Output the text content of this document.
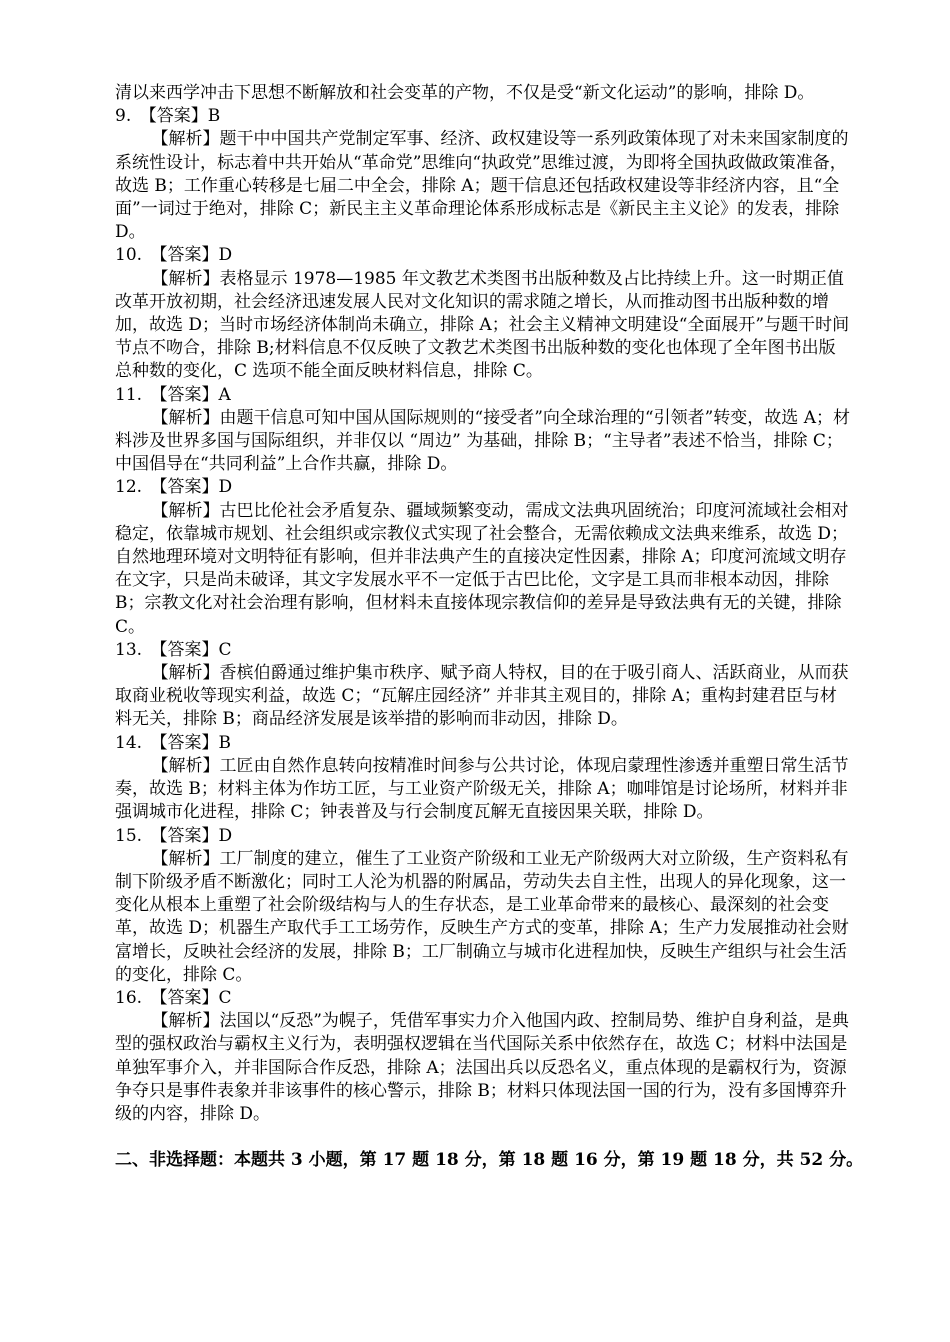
清以来西学冲击下思想不断解放和社会变革的产物，不仅是受“新文化运动”的影响，排除 D。

9. 【答案】B

【解析】题干中中国共产党制定军事、经济、政权建设等一系列政策体现了对未来国家制度的系统性设计，标志着中共开始从“革命党”思维向“执政党”思维过渡，为即将全国执政做政策准备，故选 B；工作重心转移是七届二中全会，排除 A；题干信息还包括政权建设等非经济内容，且“全面”一词过于绝对，排除 C；新民主主义革命理论体系形成标志是《新民主主义论》的发表，排除 D。

10. 【答案】D

【解析】表格显示 1978—1985 年文教艺术类图书出版种数及占比持续上升。这一时期正值改革开放初期，社会经济迅速发展人民对文化知识的需求随之增长，从而推动图书出版种数的增加，故选 D；当时市场经济体制尚未确立，排除 A；社会主义精神文明建设“全面展开”与题干时间节点不吻合，排除 B;材料信息不仅反映了文教艺术类图书出版种数的变化也体现了全年图书出版总种数的变化，C 选项不能全面反映材料信息，排除 C。

11. 【答案】A

【解析】由题干信息可知中国从国际规则的“接受者”向全球治理的“引领者”转变，故选 A；材料涉及世界多国与国际组织，并非仅以 “周边” 为基础，排除 B；“主导者”表述不恰当，排除 C； 中国倡导在“共同利益”上合作共赢，排除 D。

12. 【答案】D

【解析】古巴比伦社会矛盾复杂、疆域频繁变动，需成文法典巩固统治；印度河流域社会相对稳定，依靠城市规划、社会组织或宗教仪式实现了社会整合，无需依赖成文法典来维系，故选 D；自然地理环境对文明特征有影响，但并非法典产生的直接决定性因素，排除 A；印度河流域文明存在文字，只是尚未破译，其文字发展水平不一定低于古巴比伦，文字是工具而非根本动因，排除 B；宗教文化对社会治理有影响，但材料未直接体现宗教信仰的差异是导致法典有无的关键，排除 C。

13. 【答案】C

【解析】香槟伯爵通过维护集市秩序、赋予商人特权，目的在于吸引商人、活跃商业，从而获取商业税收等现实利益，故选 C；“瓦解庄园经济” 并非其主观目的，排除 A；重构封建君臣与材料无关，排除 B；商品经济发展是该举措的影响而非动因，排除 D。

14. 【答案】B

【解析】工匠由自然作息转向按精准时间参与公共讨论，体现启蒙理性渗透并重塑日常生活节奏，故选 B；材料主体为作坊工匠，与工业资产阶级无关，排除 A；咖啡馆是讨论场所，材料并非强调城市化进程，排除 C；钟表普及与行会制度瓦解无直接因果关联，排除 D。

15. 【答案】D

【解析】工厂制度的建立，催生了工业资产阶级和工业无产阶级两大对立阶级，生产资料私有制下阶级矛盾不断激化；同时工人沦为机器的附属品，劳动失去自主性，出现人的异化现象，这一变化从根本上重塑了社会阶级结构与人的生存状态，是工业革命带来的最核心、最深刻的社会变革，故选 D；机器生产取代手工工场劳作，反映生产方式的变革，排除 A；生产力发展推动社会财富增长，反映社会经济的发展，排除 B；工厂制确立与城市化进程加快，反映生产组织与社会生活的变化，排除 C。

16. 【答案】C

【解析】法国以“反恐”为幌子，凭借军事实力介入他国内政、控制局势、维护自身利益，是典型的强权政治与霸权主义行为，表明强权逻辑在当代国际关系中依然存在，故选 C；材料中法国是单独军事介入，并非国际合作反恐，排除 A；法国出兵以反恐名义，重点体现的是霸权行为，资源争夺只是事件表象并非该事件的核心警示，排除 B；材料只体现法国一国的行为，没有多国博弈升级的内容，排除 D。

二、非选择题：本题共 3 小题，第 17 题 18 分，第 18 题 16 分，第 19 题 18 分，共 52 分。
